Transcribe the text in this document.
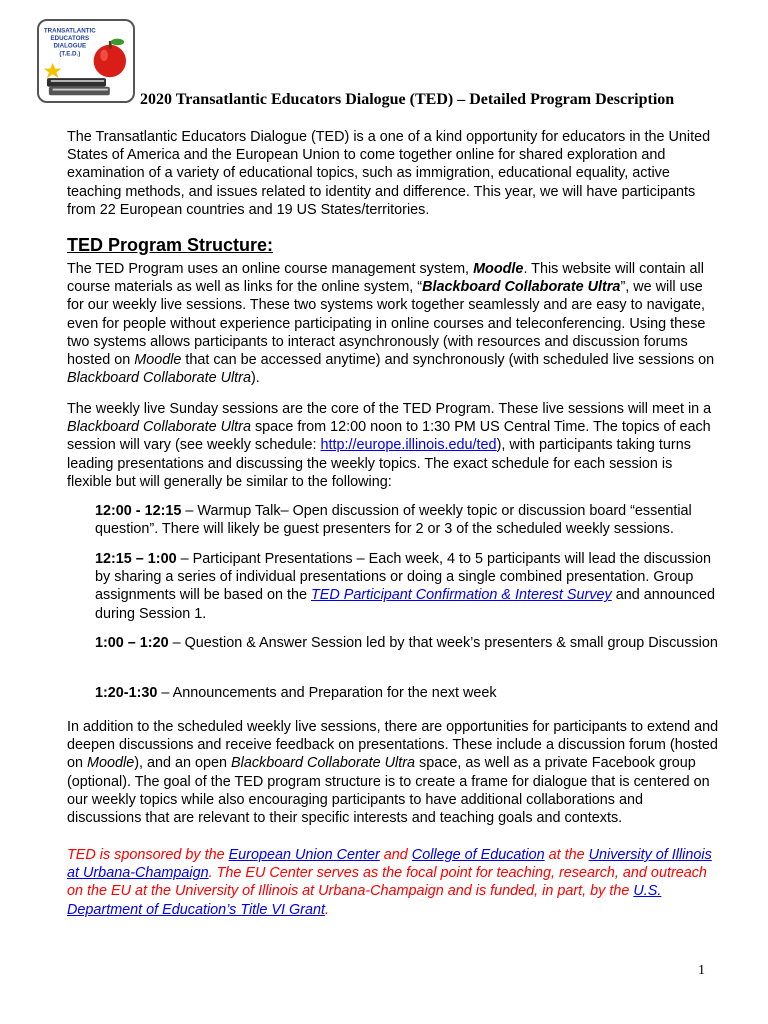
TRANSATLANTIC
EDUCATORS
DIALOGUE
(T.E.D.)
2020 Transatlantic Educators Dialogue (TED) – Detailed Program Description

The Transatlantic Educators Dialogue (TED) is a one of a kind opportunity for educators in the United States of America and the European Union to come together online for shared exploration and examination of a variety of educational topics, such as immigration, educational equality, active teaching methods, and issues related to identity and difference. This year, we will have participants from 22 European countries and 19 US States/territories.

TED Program Structure:

The TED Program uses an online course management system, Moodle. This website will contain all course materials as well as links for the online system, “Blackboard Collaborate Ultra”, we will use for our weekly live sessions. These two systems work together seamlessly and are easy to navigate, even for people without experience participating in online courses and teleconferencing. Using these two systems allows participants to interact asynchronously (with resources and discussion forums hosted on Moodle that can be accessed anytime) and synchronously (with scheduled live sessions on Blackboard Collaborate Ultra).

The weekly live Sunday sessions are the core of the TED Program. These live sessions will meet in a Blackboard Collaborate Ultra space from 12:00 noon to 1:30 PM US Central Time. The topics of each session will vary (see weekly schedule: http://europe.illinois.edu/ted), with participants taking turns leading presentations and discussing the weekly topics. The exact schedule for each session is flexible but will generally be similar to the following:

12:00 - 12:15 – Warmup Talk– Open discussion of weekly topic or discussion board “essential question”. There will likely be guest presenters for 2 or 3 of the scheduled weekly sessions.

12:15 – 1:00 – Participant Presentations – Each week, 4 to 5 participants will lead the discussion by sharing a series of individual presentations or doing a single combined presentation. Group assignments will be based on the TED Participant Confirmation & Interest Survey and announced during Session 1.

1:00 – 1:20 – Question & Answer Session led by that week’s presenters & small group Discussion

1:20-1:30 – Announcements and Preparation for the next week

In addition to the scheduled weekly live sessions, there are opportunities for participants to extend and deepen discussions and receive feedback on presentations. These include a discussion forum (hosted on Moodle), and an open Blackboard Collaborate Ultra space, as well as a private Facebook group (optional). The goal of the TED program structure is to create a frame for dialogue that is centered on our weekly topics while also encouraging participants to have additional collaborations and discussions that are relevant to their specific interests and teaching goals and contexts.

TED is sponsored by the European Union Center and College of Education at the University of Illinois at Urbana-Champaign. The EU Center serves as the focal point for teaching, research, and outreach on the EU at the University of Illinois at Urbana-Champaign and is funded, in part, by the U.S. Department of Education’s Title VI Grant.

1
